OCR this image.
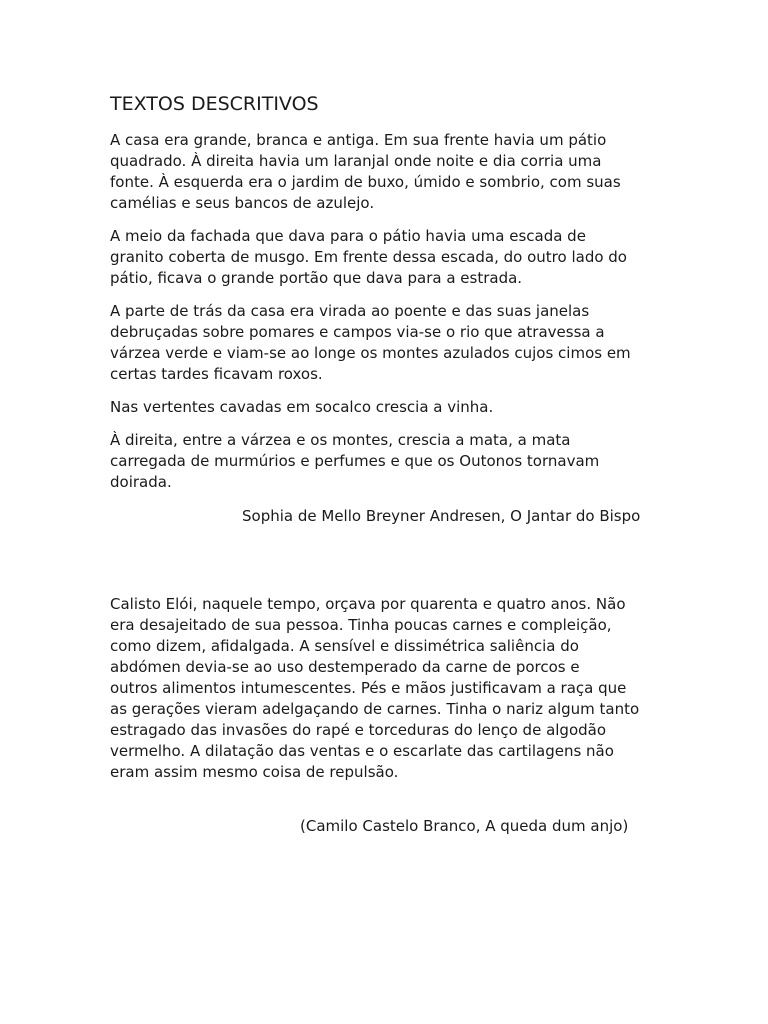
TEXTOS DESCRITIVOS

A casa era grande, branca e antiga. Em sua frente havia um pátio
quadrado. À direita havia um laranjal onde noite e dia corria uma
fonte. À esquerda era o jardim de buxo, úmido e sombrio, com suas
camélias e seus bancos de azulejo.

A meio da fachada que dava para o pátio havia uma escada de
granito coberta de musgo. Em frente dessa escada, do outro lado do
pátio, ficava o grande portão que dava para a estrada.

A parte de trás da casa era virada ao poente e das suas janelas
debruçadas sobre pomares e campos via-se o rio que atravessa a
várzea verde e viam-se ao longe os montes azulados cujos cimos em
certas tardes ficavam roxos.

Nas vertentes cavadas em socalco crescia a vinha.

À direita, entre a várzea e os montes, crescia a mata, a mata
carregada de murmúrios e perfumes e que os Outonos tornavam
doirada.

Sophia de Mello Breyner Andresen, O Jantar do Bispo

Calisto Elói, naquele tempo, orçava por quarenta e quatro anos. Não
era desajeitado de sua pessoa. Tinha poucas carnes e compleição,
como dizem, afidalgada. A sensível e dissimétrica saliência do
abdómen devia-se ao uso destemperado da carne de porcos e
outros alimentos intumescentes. Pés e mãos justificavam a raça que
as gerações vieram adelgaçando de carnes. Tinha o nariz algum tanto
estragado das invasões do rapé e torceduras do lenço de algodão
vermelho. A dilatação das ventas e o escarlate das cartilagens não
eram assim mesmo coisa de repulsão.

(Camilo Castelo Branco, A queda dum anjo)
